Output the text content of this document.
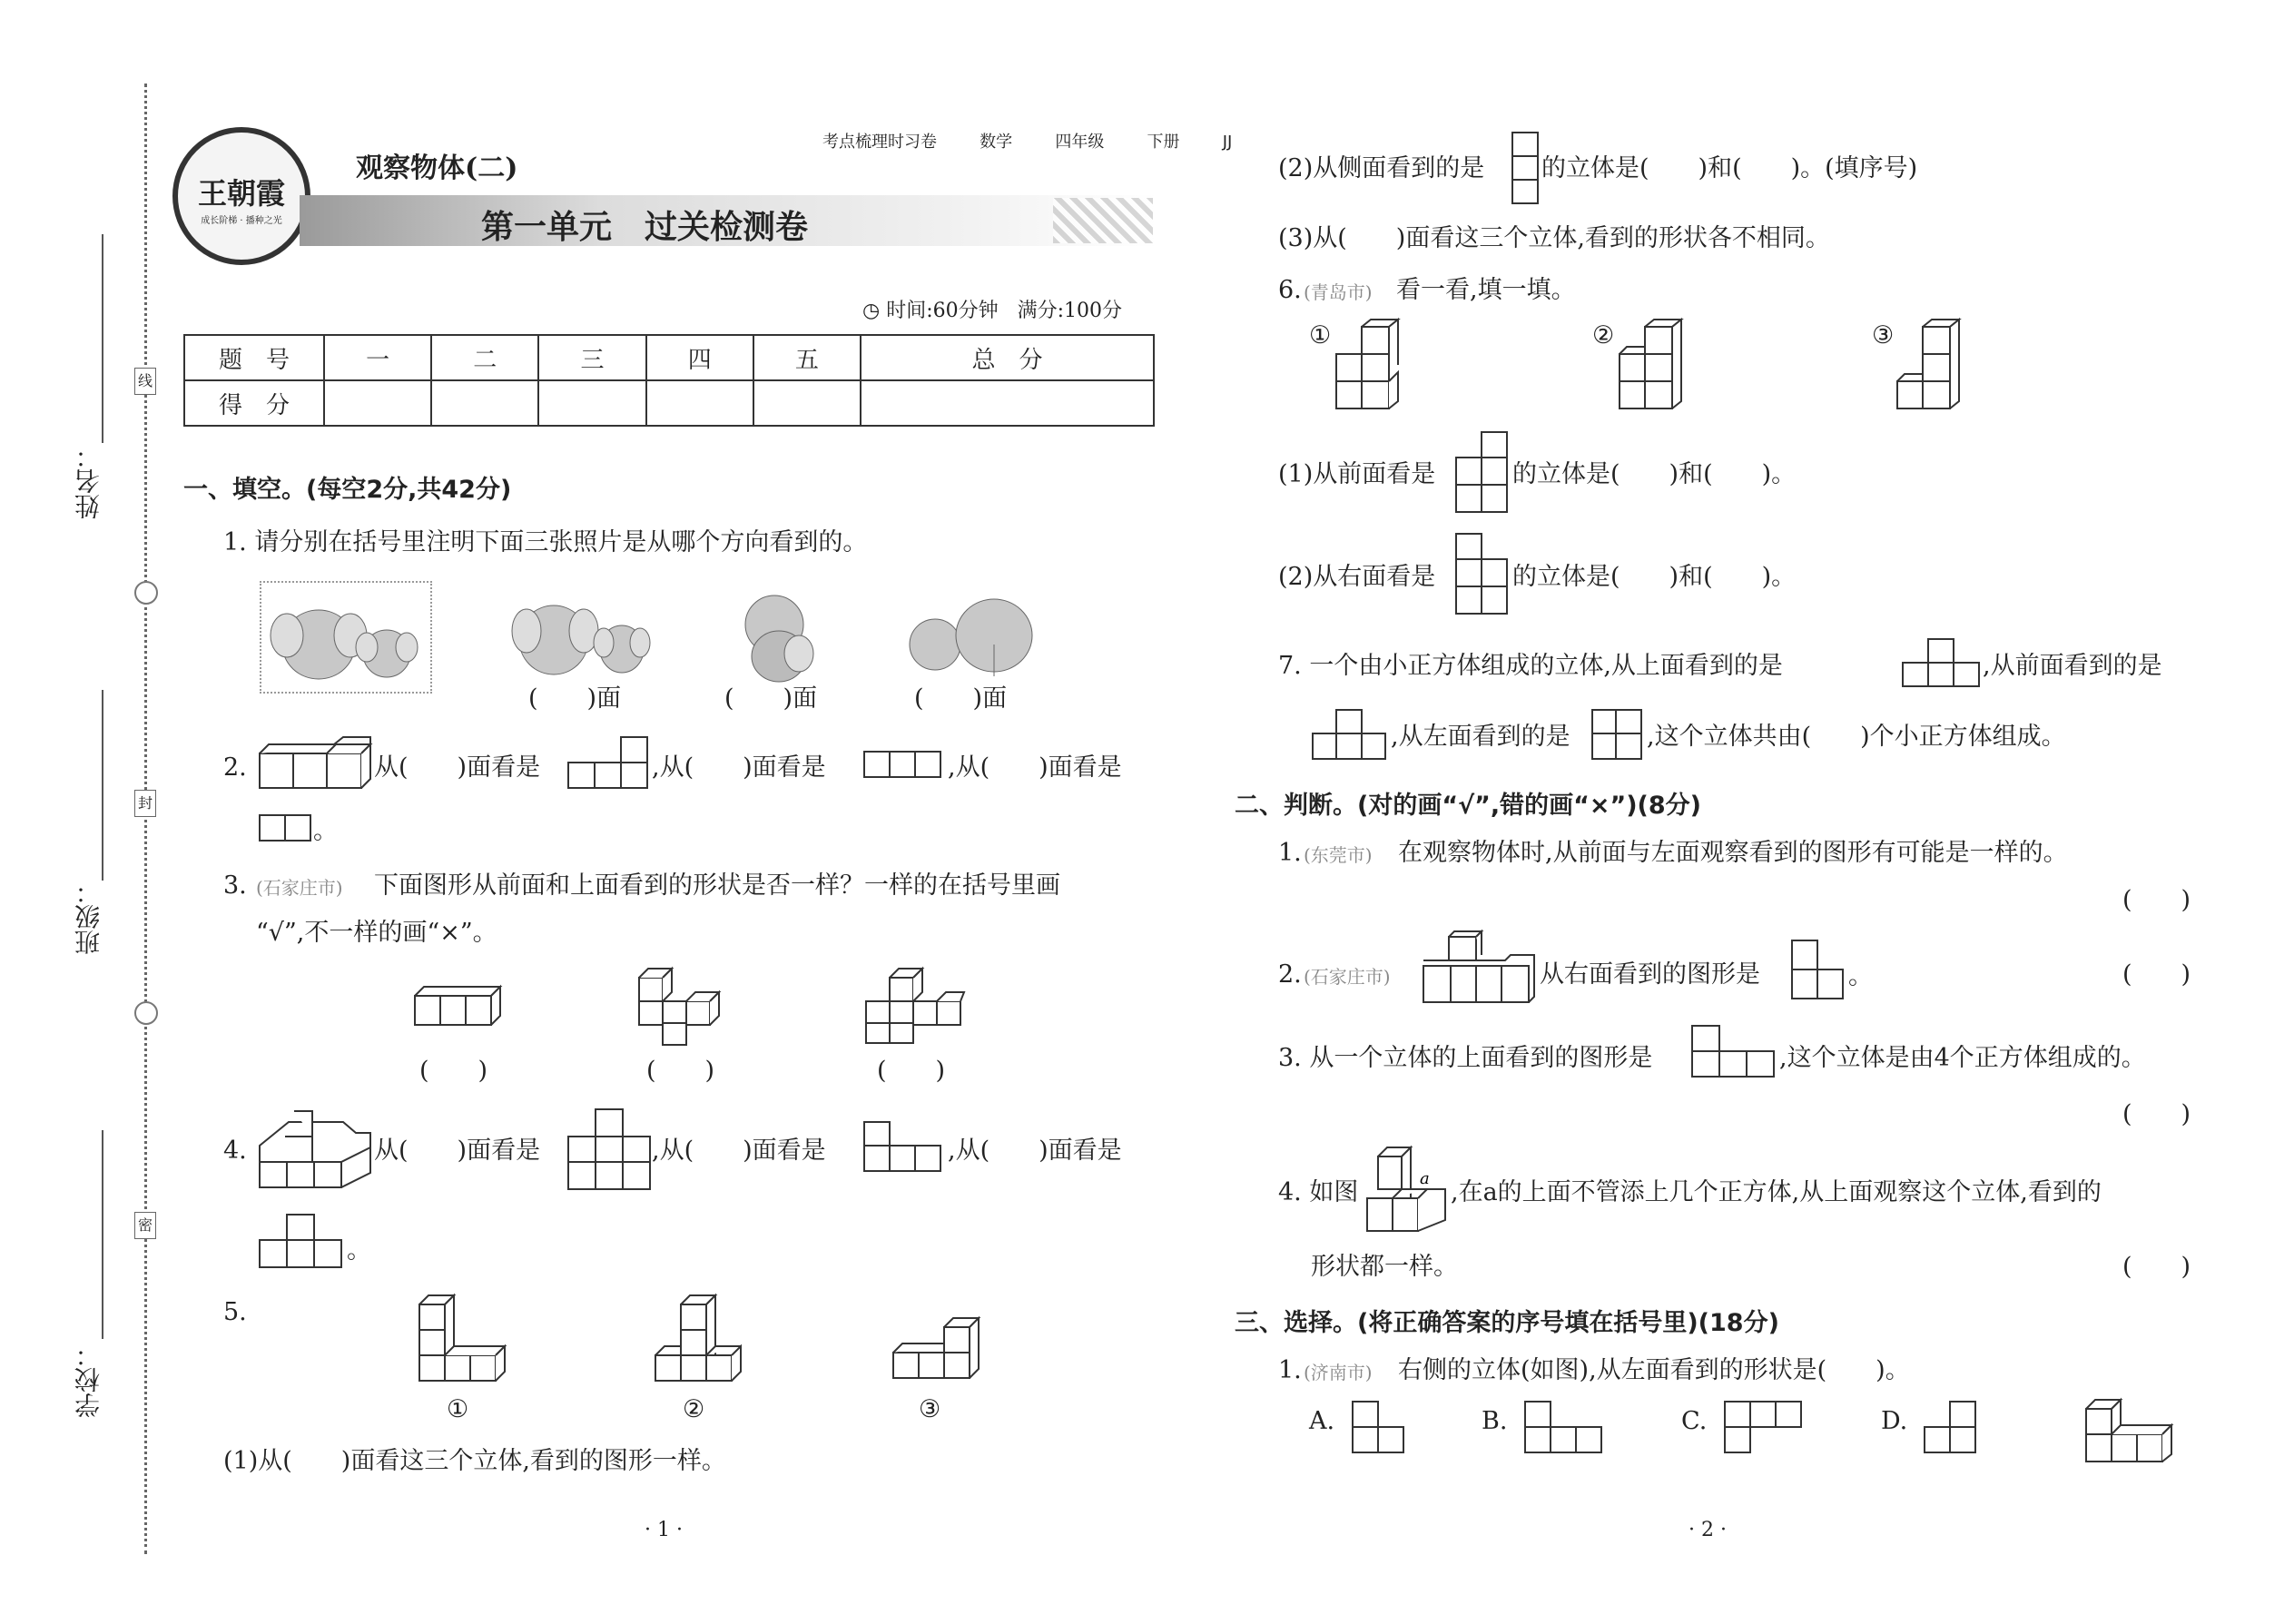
姓名：
班级：
学校：
线
封
密
王朝霞
成长阶梯 · 播种之光
考点梳理时习卷	数学	四年级	下册	JJ
观察物体(二)
第一单元　过关检测卷
◷ 时间:60分钟 满分:100分
题　号	一	二	三	四	五	总　分
得　分						
一、填空。(每空2分,共42分)
1. 请分别在括号里注明下面三张照片是从哪个方向看到的。
(　　)面	(　　)面	(　　)面
2.	从(　　)面看是	,从(　　)面看是	,从(　　)面看是
。
3. (石家庄市) 下面图形从前面和上面看到的形状是否一样？一样的在括号里画
“√”,不一样的画“×”。
(　　)	(　　)	(　　)
4.	从(　　)面看是	,从(　　)面看是	,从(　　)面看是
。
5.
①	②	③
(1)从(　　)面看这三个立体,看到的图形一样。
· 1 ·
(2)从侧面看到的是 的立体是(　　)和(　　)。(填序号)
(3)从(　　)面看这三个立体,看到的形状各不相同。
6. (青岛市) 看一看,填一填。
①	②	③
(1)从前面看是	的立体是(　　)和(　　)。
(2)从右面看是	的立体是(　　)和(　　)。
7. 一个由小正方体组成的立体,从上面看到的是	,从前面看到的是
,从左面看到的是	,这个立体共由(　　)个小正方体组成。
二、判断。(对的画“√”,错的画“×”)(8分)
1. (东莞市) 在观察物体时,从前面与左面观察看到的图形有可能是一样的。
(　　)
2. (石家庄市)	从右面看到的图形是	。	(　　)
3. 从一个立体的上面看到的图形是	,这个立体是由4个正方体组成的。
(　　)
4. 如图	a ,在a的上面不管添上几个正方体,从上面观察这个立体,看到的
形状都一样。	(　　)
三、选择。(将正确答案的序号填在括号里)(18分)
1. (济南市) 右侧的立体(如图),从左面看到的形状是(　　)。
A.	B.	C.	D.
· 2 ·
